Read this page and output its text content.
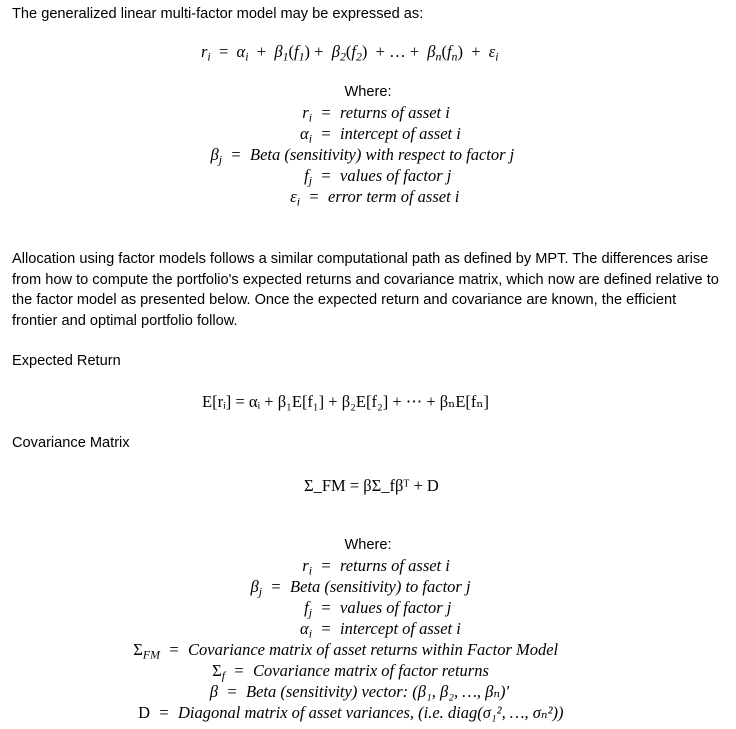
The generalized linear multi-factor model may be expressed as:
$r_i = \alpha_i + \beta_1(f_1) + \beta_2(f_2)$  + … +  $\beta_n(f_n) + \varepsilon_i$
Where:
$r_i$ = returns of asset i
$\alpha_i$ = intercept of asset i
$\beta_j$ = Beta (sensitivity) with respect to factor j
$f_j$ = values of factor j
$\varepsilon_i$ = error term of asset i
Allocation using factor models follows a similar computational path as defined by MPT. The differences arise from how to compute the portfolio's expected returns and covariance matrix, which now are defined relative to the factor model as presented below. Once the expected return and covariance are known, the efficient frontier and optimal portfolio follow.
Expected Return
E[rᵢ] = αᵢ + β₁E[f₁] + β₂E[f₂] + ⋯ + βₙE[fₙ]
Covariance Matrix
Σ_FM = βΣ_fβᵀ + D
Where:
$r_i$ = returns of asset i
$\beta_j$ = Beta (sensitivity) to factor j
$f_j$ = values of factor j
$\alpha_i$ = intercept of asset i
$\Sigma_{FM}$ = Covariance matrix of asset returns within Factor Model
$\Sigma_f$ = Covariance matrix of factor returns
β = Beta (sensitivity) vector: (β₁, β₂, …, βₙ)′
D = Diagonal matrix of asset variances, (i.e. diag(σ₁², …, σₙ²))
